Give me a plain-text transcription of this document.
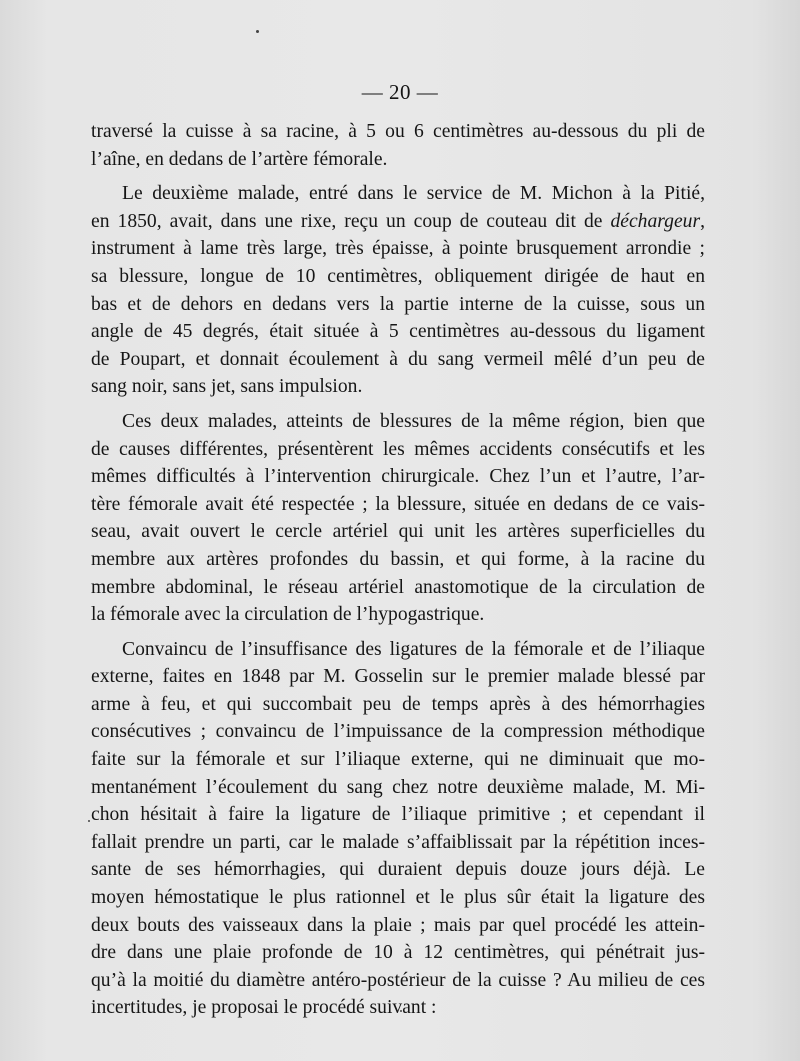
— 20 —
traversé la cuisse à sa racine, à 5 ou 6 centimètres au-dessous du pli de
l’aîne, en dedans de l’artère fémorale.
Le deuxième malade, entré dans le service de M. Michon à la Pitié,
en 1850, avait, dans une rixe, reçu un coup de couteau dit de déchargeur,
instrument à lame très large, très épaisse, à pointe brusquement arrondie ;
sa blessure, longue de 10 centimètres, obliquement dirigée de haut en
bas et de dehors en dedans vers la partie interne de la cuisse, sous un
angle de 45 degrés, était située à 5 centimètres au-dessous du ligament
de Poupart, et donnait écoulement à du sang vermeil mêlé d’un peu de
sang noir, sans jet, sans impulsion.
Ces deux malades, atteints de blessures de la même région, bien que
de causes différentes, présentèrent les mêmes accidents consécutifs et les
mêmes difficultés à l’intervention chirurgicale. Chez l’un et l’autre, l’ar-
tère fémorale avait été respectée ; la blessure, située en dedans de ce vais-
seau, avait ouvert le cercle artériel qui unit les artères superficielles du
membre aux artères profondes du bassin, et qui forme, à la racine du
membre abdominal, le réseau artériel anastomotique de la circulation de
la fémorale avec la circulation de l’hypogastrique.
Convaincu de l’insuffisance des ligatures de la fémorale et de l’iliaque
externe, faites en 1848 par M. Gosselin sur le premier malade blessé par
arme à feu, et qui succombait peu de temps après à des hémorrhagies
consécutives ; convaincu de l’impuissance de la compression méthodique
faite sur la fémorale et sur l’iliaque externe, qui ne diminuait que mo-
mentanément l’écoulement du sang chez notre deuxième malade, M. Mi-
chon hésitait à faire la ligature de l’iliaque primitive ; et cependant il
fallait prendre un parti, car le malade s’affaiblissait par la répétition inces-
sante de ses hémorrhagies, qui duraient depuis douze jours déjà. Le
moyen hémostatique le plus rationnel et le plus sûr était la ligature des
deux bouts des vaisseaux dans la plaie ; mais par quel procédé les attein-
dre dans une plaie profonde de 10 à 12 centimètres, qui pénétrait jus-
qu’à la moitié du diamètre antéro-postérieur de la cuisse ? Au milieu de ces
incertitudes, je proposai le procédé suivant :
